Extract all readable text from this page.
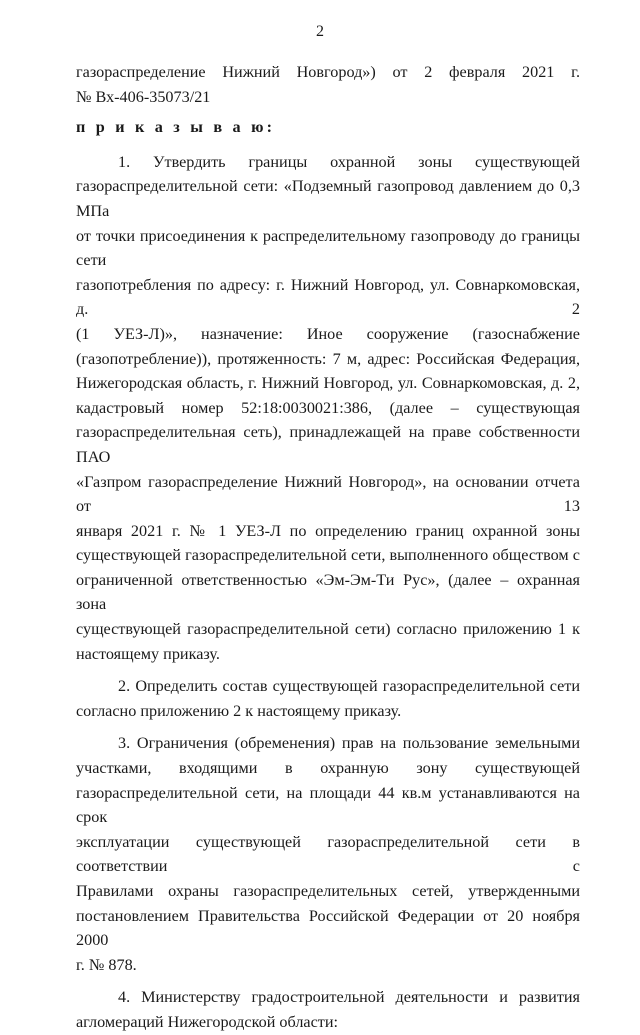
2

газораспределение Нижний Новгород») от 2 февраля 2021 г.

№ Вх-406-35073/21

п р и к а з ы в а ю:

1. Утвердить границы охранной зоны существующей

газораспределительной сети: «Подземный газопровод давлением до 0,3 МПа

от точки присоединения к распределительному газопроводу до границы сети

газопотребления по адресу: г. Нижний Новгород, ул. Совнаркомовская, д. 2

(1 УЕЗ-Л)», назначение: Иное сооружение (газоснабжение

(газопотребление)), протяженность: 7 м, адрес: Российская Федерация,

Нижегородская область, г. Нижний Новгород, ул. Совнаркомовская, д. 2,

кадастровый номер 52:18:0030021:386, (далее – существующая

газораспределительная сеть), принадлежащей на праве собственности ПАО

«Газпром газораспределение Нижний Новгород», на основании отчета от 13

января 2021 г. № 1 УЕЗ-Л по определению границ охранной зоны

существующей газораспределительной сети, выполненного обществом с

ограниченной ответственностью «Эм-Эм-Ти Рус», (далее – охранная зона

существующей газораспределительной сети) согласно приложению 1 к

настоящему приказу.

2. Определить состав существующей газораспределительной сети

согласно приложению 2 к настоящему приказу.

3. Ограничения (обременения) прав на пользование земельными

участками, входящими в охранную зону существующей

газораспределительной сети, на площади 44 кв.м устанавливаются на срок

эксплуатации существующей газораспределительной сети в соответствии с

Правилами охраны газораспределительных сетей, утвержденными

постановлением Правительства Российской Федерации от 20 ноября 2000

г. № 878.

4. Министерству градостроительной деятельности и развития

агломераций Нижегородской области:
